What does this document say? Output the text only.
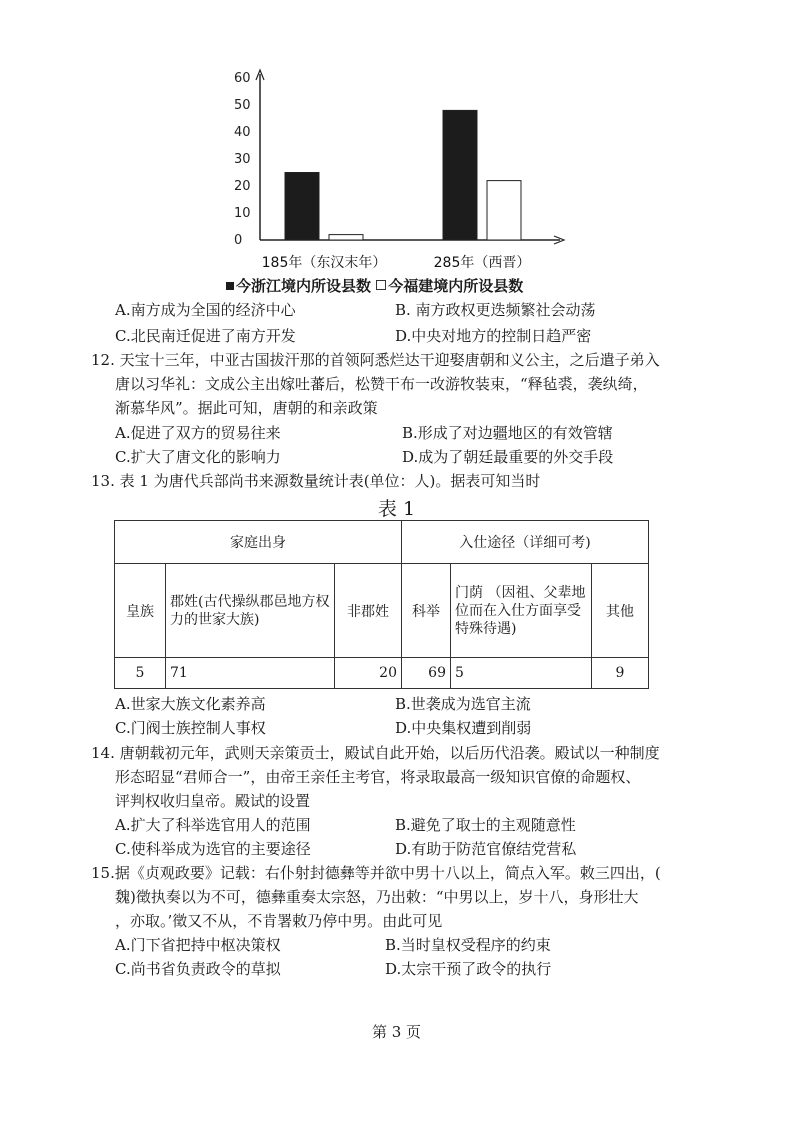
0
10
20
30
40
50
60
185年（东汉末年）	285年（西晋）
今浙江境内所设县数 今福建境内所设县数
A.南方成为全国的经济中心	B. 南方政权更迭频繁社会动荡
C.北民南迁促进了南方开发	D.中央对地方的控制日趋严密
12. 天宝十三年，中亚古国拔汗那的首领阿悉烂达干迎娶唐朝和义公主，之后遣子弟入
唐以习华礼：文成公主出嫁吐蕃后，松赞干布一改游牧装束，“释毡裘，袭纨绮，
渐慕华风”。据此可知，唐朝的和亲政策
A.促进了双方的贸易往来	B.形成了对边疆地区的有效管辖
C.扩大了唐文化的影响力	D.成为了朝廷最重要的外交手段
13. 表 1 为唐代兵部尚书来源数量统计表(单位：人)。据表可知当时
表 1
家庭出身			入仕途径（详细可考)		
皇族	郡姓(古代操纵郡邑地方权力的世家大族)	非郡姓	科举	门荫 （因祖、父辈地位而在入仕方面享受特殊待遇)	其他
5	71	20	69	5	9
A.世家大族文化素养高	B.世袭成为选官主流
C.门阀士族控制人事权	D.中央集权遭到削弱
14. 唐朝载初元年，武则天亲策贡士，殿试自此开始，以后历代沿袭。殿试以一种制度
形态昭显“君师合一”，由帝王亲任主考官，将录取最高一级知识官僚的命题权、
评判权收归皇帝。殿试的设置
A.扩大了科举选官用人的范围	B.避免了取士的主观随意性
C.使科举成为选官的主要途径	D.有助于防范官僚结党营私
15.据《贞观政要》记载：右仆射封德彝等并欲中男十八以上，简点入军。敕三四出，(
魏)徵执奏以为不可，德彝重奏太宗怒，乃出敕：“中男以上，岁十八，身形壮大
，亦取。’徵又不从，不肯署敕乃停中男。由此可见
A.门下省把持中枢决策权	B.当时皇权受程序的约束
C.尚书省负责政令的草拟	D.太宗干预了政令的执行
第 3 页
